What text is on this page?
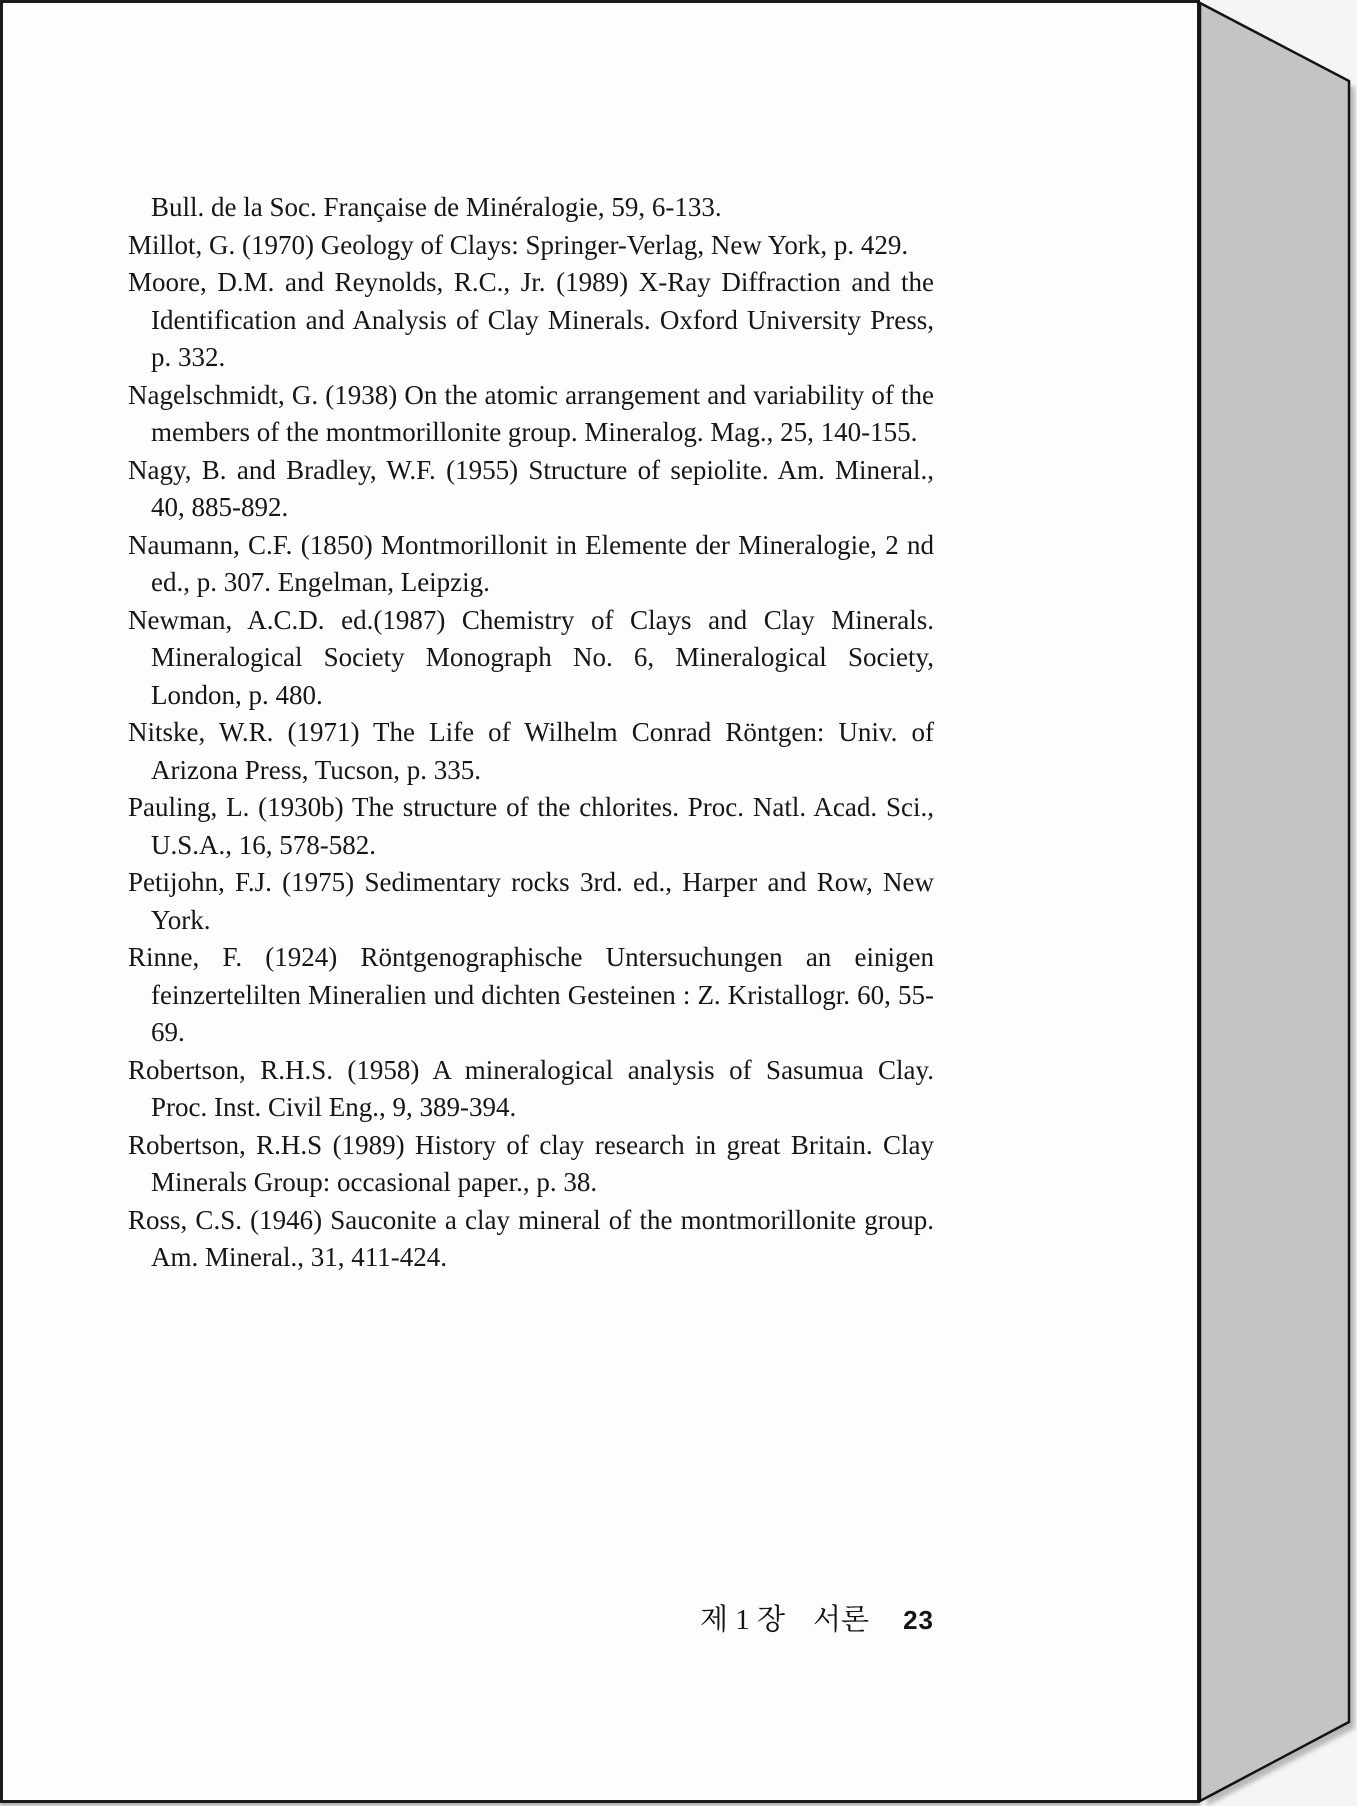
Bull. de la Soc. Française de Minéralogie, 59, 6-133.

Millot, G. (1970) Geology of Clays: Springer-Verlag, New York, p. 429.

Moore, D.M. and Reynolds, R.C., Jr. (1989) X-Ray Diffraction and the Identification and Analysis of Clay Minerals. Oxford University Press, p. 332.

Nagelschmidt, G. (1938) On the atomic arrangement and variability of the members of the montmorillonite group. Mineralog. Mag., 25, 140-155.

Nagy, B. and Bradley, W.F. (1955) Structure of sepiolite. Am. Mineral., 40, 885-892.

Naumann, C.F. (1850) Montmorillonit in Elemente der Mineralogie, 2 nd ed., p. 307. Engelman, Leipzig.

Newman, A.C.D. ed.(1987) Chemistry of Clays and Clay Minerals. Mineralogical Society Monograph No. 6, Mineralogical Society, London, p. 480.

Nitske, W.R. (1971) The Life of Wilhelm Conrad Röntgen: Univ. of Arizona Press, Tucson, p. 335.

Pauling, L. (1930b) The structure of the chlorites. Proc. Natl. Acad. Sci., U.S.A., 16, 578-582.

Petijohn, F.J. (1975) Sedimentary rocks 3rd. ed., Harper and Row, New York.

Rinne, F. (1924) Röntgenographische Untersuchungen an einigen feinzertelilten Mineralien und dichten Gesteinen : Z. Kristallogr. 60, 55-69.

Robertson, R.H.S. (1958) A mineralogical analysis of Sasumua Clay. Proc. Inst. Civil Eng., 9, 389-394.

Robertson, R.H.S (1989) History of clay research in great Britain. Clay Minerals Group: occasional paper., p. 38.

Ross, C.S. (1946) Sauconite a clay mineral of the montmorillonite group. Am. Mineral., 31, 411-424.

제 1 장 서론 23
